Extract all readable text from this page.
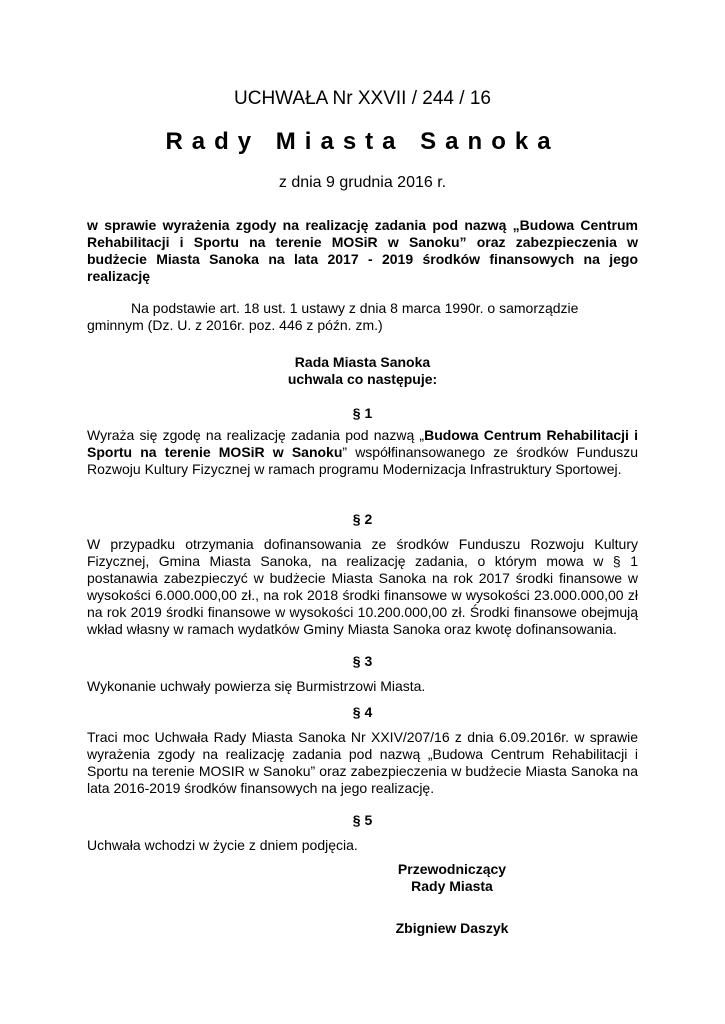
UCHWAŁA Nr XXVII / 244 / 16
Rady Miasta Sanoka
z dnia 9 grudnia 2016 r.
w sprawie wyrażenia zgody na realizację zadania pod nazwą „Budowa Centrum Rehabilitacji i Sportu na terenie MOSiR w Sanoku” oraz zabezpieczenia w budżecie Miasta Sanoka na lata 2017 - 2019 środków finansowych na jego realizację
Na podstawie art. 18 ust. 1 ustawy z dnia 8 marca 1990r. o samorządzie
gminnym (Dz. U. z 2016r. poz. 446 z późn. zm.)
Rada Miasta Sanoka
uchwala co następuje:
§ 1
Wyraża się zgodę na realizację zadania pod nazwą „Budowa Centrum Rehabilitacji i Sportu na terenie MOSiR w Sanoku” współfinansowanego ze środków Funduszu Rozwoju Kultury Fizycznej w ramach programu Modernizacja Infrastruktury Sportowej.
§ 2
W przypadku otrzymania dofinansowania ze środków Funduszu Rozwoju Kultury Fizycznej, Gmina Miasta Sanoka, na realizację zadania, o którym mowa w § 1 postanawia zabezpieczyć w budżecie Miasta Sanoka na rok 2017 środki finansowe w wysokości 6.000.000,00 zł., na rok 2018 środki finansowe w wysokości 23.000.000,00 zł na rok 2019 środki finansowe w wysokości 10.200.000,00 zł. Środki finansowe obejmują wkład własny w ramach wydatków Gminy Miasta Sanoka oraz kwotę dofinansowania.
§ 3
Wykonanie uchwały powierza się Burmistrzowi Miasta.
§ 4
Traci moc Uchwała Rady Miasta Sanoka Nr XXIV/207/16 z dnia 6.09.2016r. w sprawie wyrażenia zgody na realizację zadania pod nazwą „Budowa Centrum Rehabilitacji i Sportu na terenie MOSIR w Sanoku” oraz zabezpieczenia w budżecie Miasta Sanoka na lata 2016-2019 środków finansowych na jego realizację.
§ 5
Uchwała wchodzi w życie z dniem podjęcia.
Przewodniczący
Rady Miasta
Zbigniew Daszyk
